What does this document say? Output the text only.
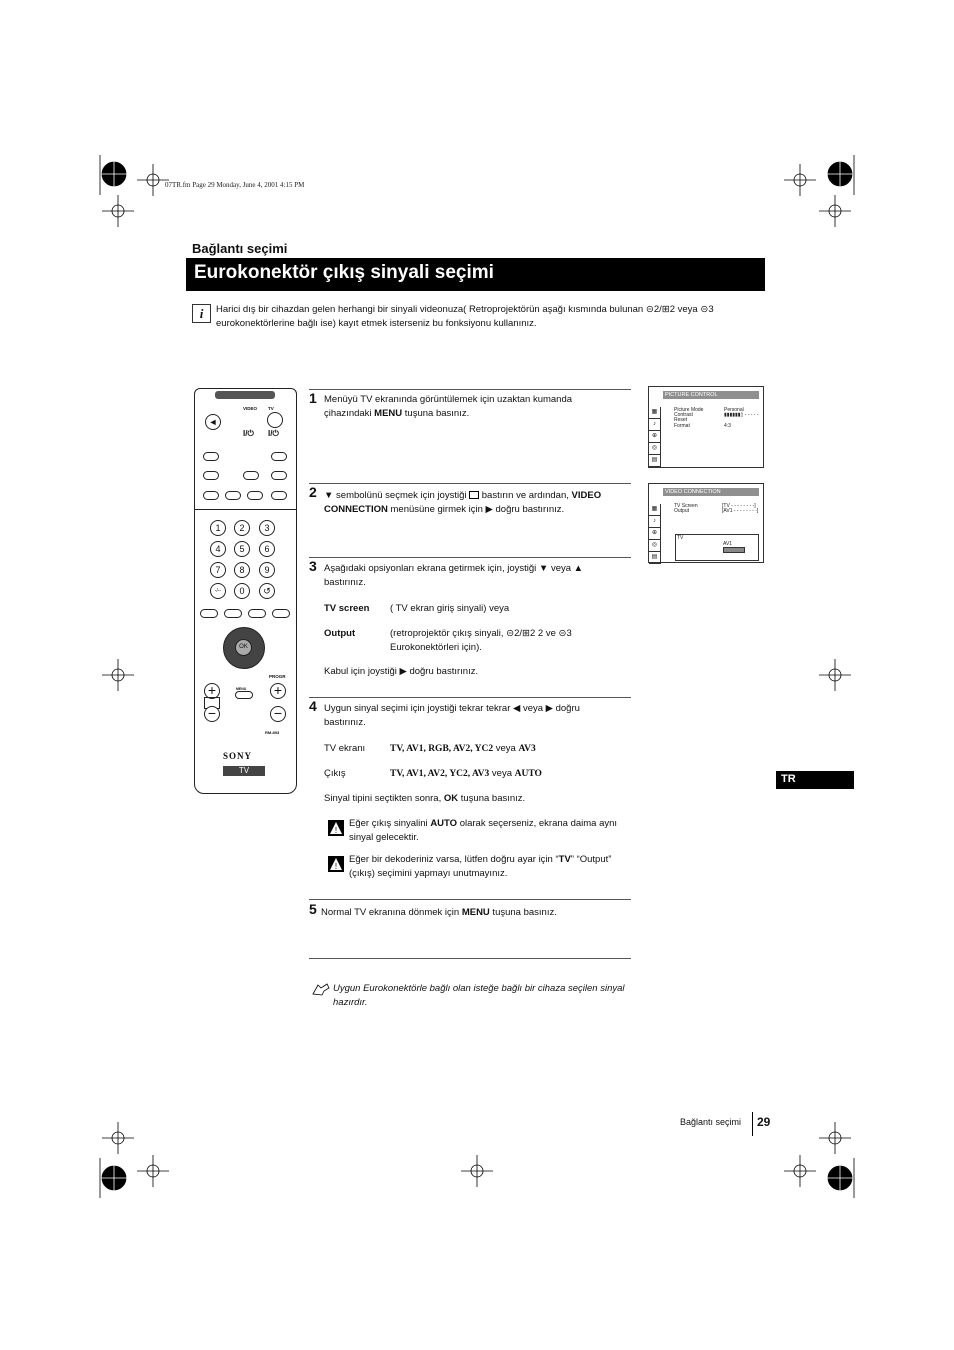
07TR.fm Page 29 Monday, June 4, 2001 4:15 PM
Bağlantı seçimi
Eurokonektör çıkış sinyali seçimi
i	Harici dış bir cihazdan gelen herhangi bir sinyali videonuza( Retroprojektörün aşağı kısmında bulunan ⊝2/⊞2 veya ⊝3
eurokonektörlerine bağlı ise) kayıt etmek isterseniz bu fonksiyonu kullanınız.
VIDEO TV
◄
I/⏻ I/⏻
1	2	3
4	5	6
7	8	9
-/--	0	↺
OK
PROGR
+
−
+
−
MENU
RM-893
SONY
TV
1 Menüyü TV ekranında görüntülemek için uzaktan kumanda çihazındaki MENU tuşuna basınız.
PICTURE CONTROL
▦
♪
⊕
◎
▤
Picture Mode	Personal
Contrast	▮▮▮▮▮▮▯ - - - - -
Reset
Format	4:3
2 ▼ sembolünü seçmek için joystiği  bastırın ve ardından, VIDEO CONNECTION menüsüne girmek için ▶ doğru bastırınız.
VIDEO CONNECTION
▦
♪
⊕
◎
▤
TV Screen	[TV - - - - - - - -]
Output	[AV1 - - - - - - - -]
TV
AV1
3 Aşağıdaki opsiyonları ekrana getirmek için, joystiği ▼ veya ▲ bastırınız.
TV screen ( TV ekran giriş sinyali) veya
Output	(retroprojektör çıkış sinyali, ⊝2/⊞2 2 ve ⊝3 Eurokonektörleri için).
Kabul için joystiği ▶ doğru bastırınız.
4 Uygun sinyal seçimi için joystiği tekrar tekrar ◀ veya ▶ doğru bastırınız.
TV ekranı	TV, AV1, RGB, AV2, YC2 veya AV3
Çıkış	TV, AV1, AV2, YC2, AV3 veya AUTO
Sinyal tipini seçtikten sonra, OK tuşuna basınız.
!
Eğer çıkış sinyalini AUTO olarak seçerseniz, ekrana daima aynı sinyal gelecektir.
!
Eğer bir dekoderiniz varsa, lütfen doğru ayar için “TV” “Output” (çıkış) seçimini yapmayı unutmayınız.
5 Normal TV ekranına dönmek için MENU tuşuna basınız.
Uygun Eurokonektörle bağlı olan isteğe bağlı bir cihaza seçilen sinyal hazırdır.
TR
Bağlantı seçimi 29
